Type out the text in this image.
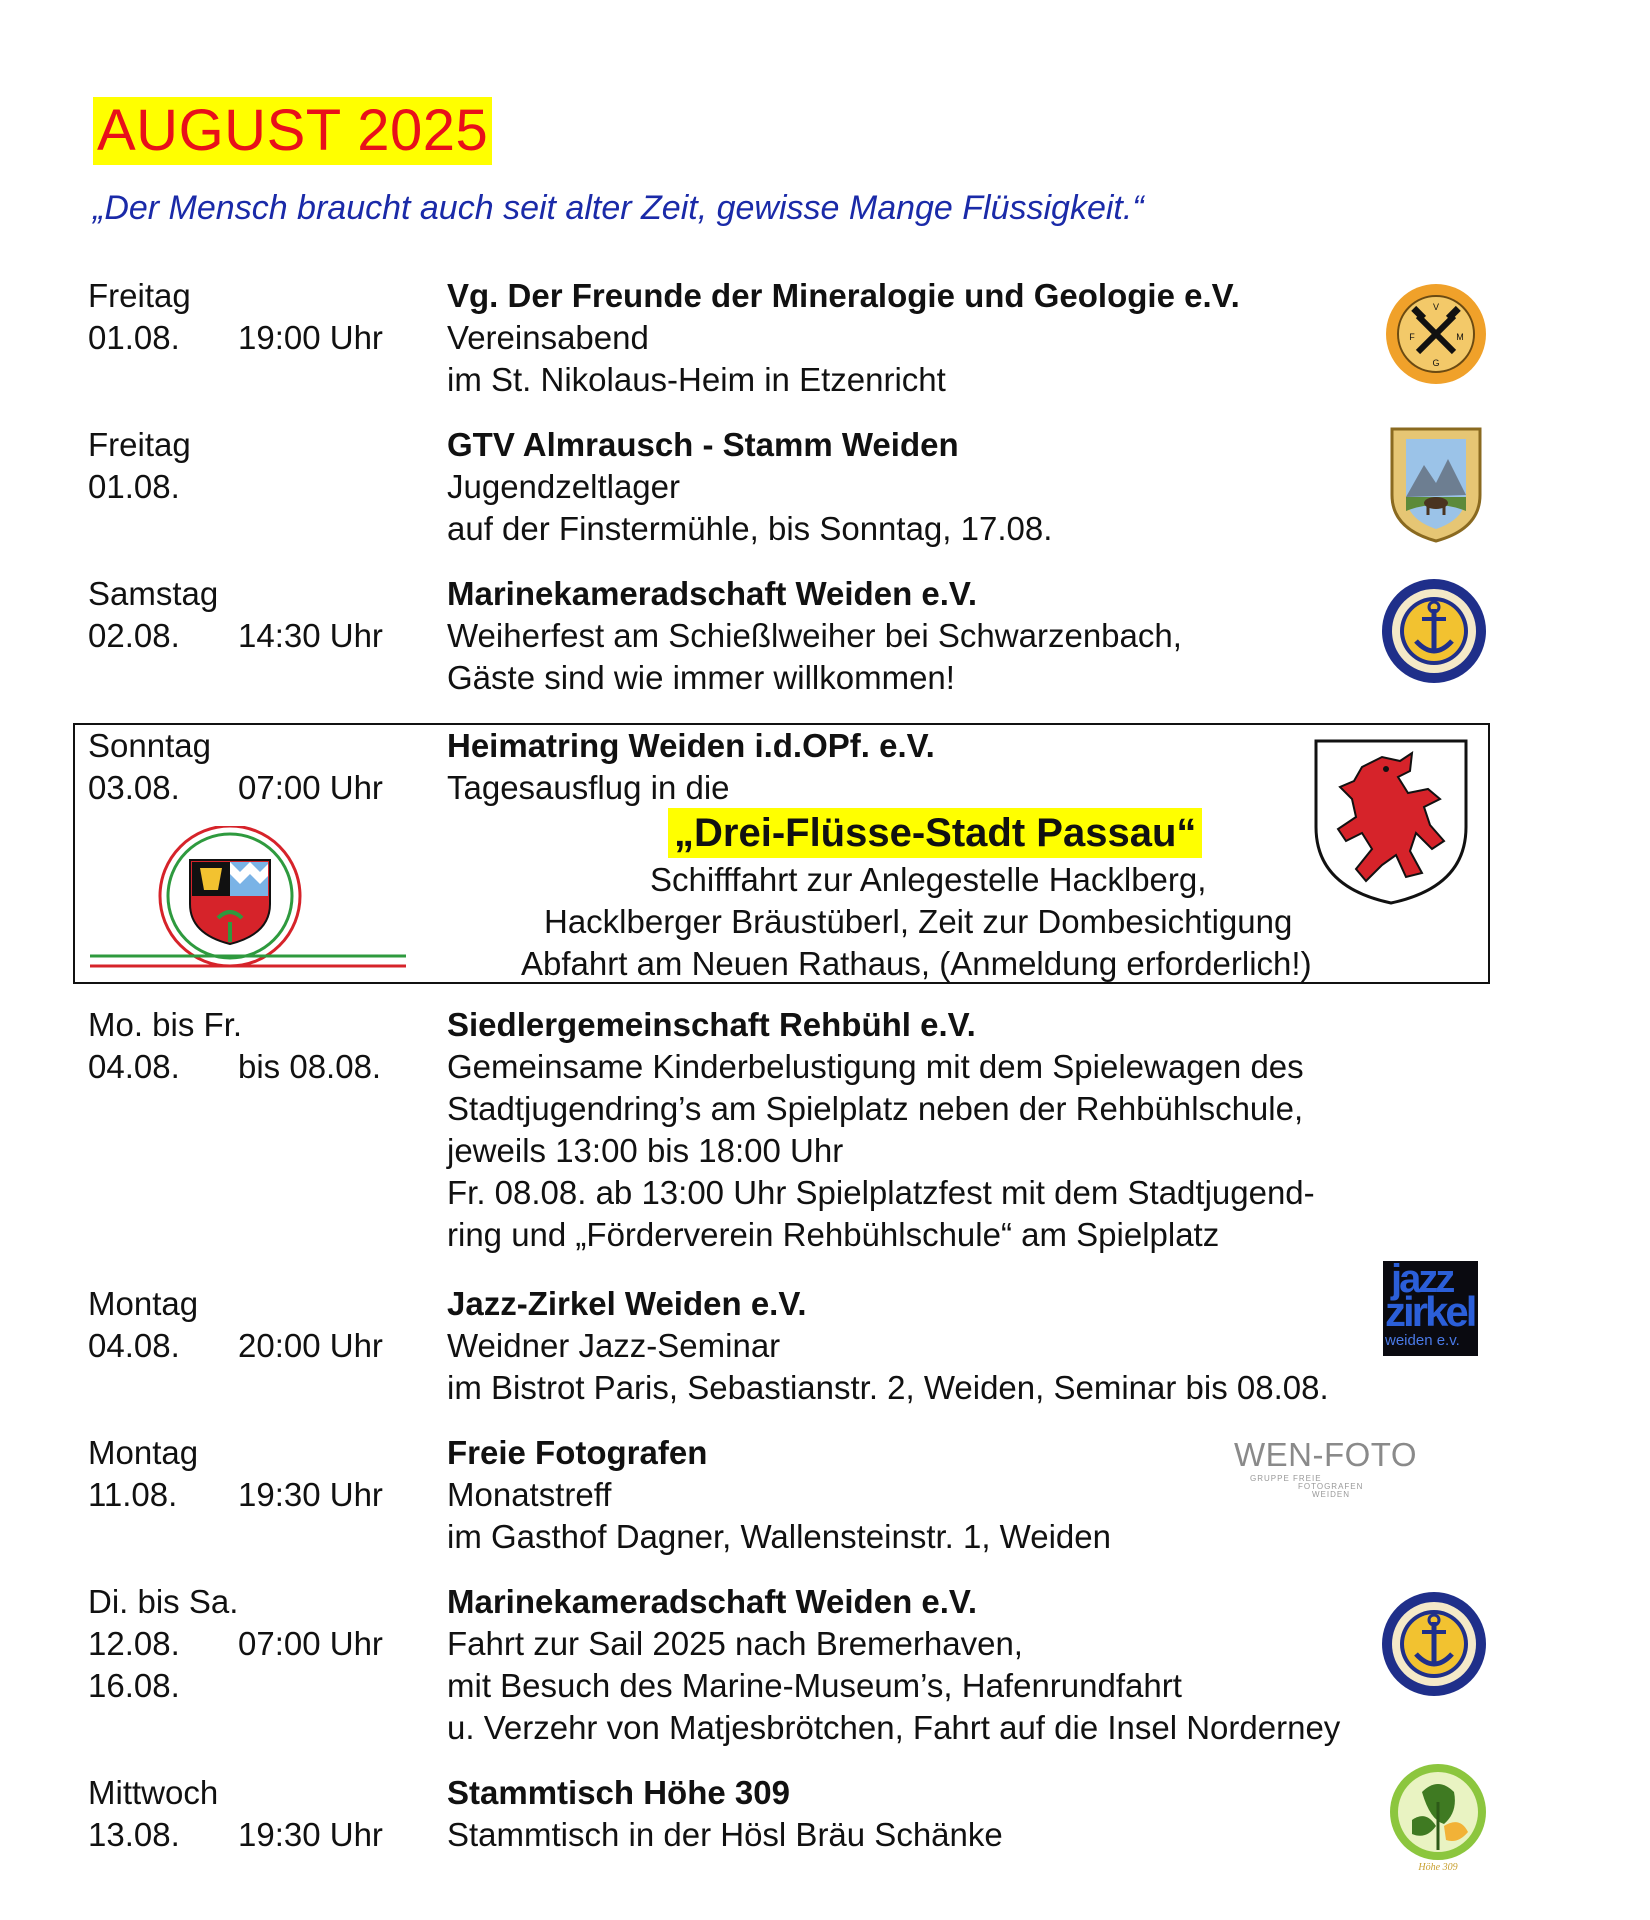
AUGUST 2025
„Der Mensch braucht auch seit alter Zeit, gewisse Mange Flüssigkeit.“
Freitag
01.08. 19:00 Uhr
Vg. Der Freunde der Mineralogie und Geologie e.V.
Vereinsabend
im St. Nikolaus-Heim in Etzenricht
V
F	M
G
Freitag
01.08.
GTV Almrausch - Stamm Weiden
Jugendzeltlager
auf der Finstermühle, bis Sonntag, 17.08.
Samstag
02.08. 14:30 Uhr
Marinekameradschaft Weiden e.V.
Weiherfest am Schießlweiher bei Schwarzenbach,
Gäste sind wie immer willkommen!
Sonntag
03.08. 07:00 Uhr
Heimatring Weiden i.d.OPf. e.V.
Tagesausflug in die
„Drei-Flüsse-Stadt Passau“
Schifffahrt zur Anlegestelle Hacklberg,
Hacklberger Bräustüberl, Zeit zur Dombesichtigung
Abfahrt am Neuen Rathaus, (Anmeldung erforderlich!)
Mo. bis Fr.
04.08. bis 08.08.
Siedlergemeinschaft Rehbühl e.V.
Gemeinsame Kinderbelustigung mit dem Spielewagen des
Stadtjugendring’s am Spielplatz neben der Rehbühlschule,
jeweils 13:00 bis 18:00 Uhr
Fr. 08.08. ab 13:00 Uhr Spielplatzfest mit dem Stadtjugend-
ring und „Förderverein Rehbühlschule“ am Spielplatz
Montag
04.08. 20:00 Uhr
Jazz-Zirkel Weiden e.V.
Weidner Jazz-Seminar
im Bistrot Paris, Sebastianstr. 2, Weiden, Seminar bis 08.08.
jazz
zirkel
weiden e.v.
Montag
11.08. 19:30 Uhr
Freie Fotografen
Monatstreff
im Gasthof Dagner, Wallensteinstr. 1, Weiden
WEN-FOTO
GRUPPE FREIE
FOTOGRAFEN
WEIDEN
Di. bis Sa.
12.08. 07:00 Uhr
16.08.
Marinekameradschaft Weiden e.V.
Fahrt zur Sail 2025 nach Bremerhaven,
mit Besuch des Marine-Museum’s, Hafenrundfahrt
u. Verzehr von Matjesbrötchen, Fahrt auf die Insel Norderney
Mittwoch
13.08. 19:30 Uhr
Stammtisch Höhe 309
Stammtisch in der Hösl Bräu Schänke
Höhe 309
